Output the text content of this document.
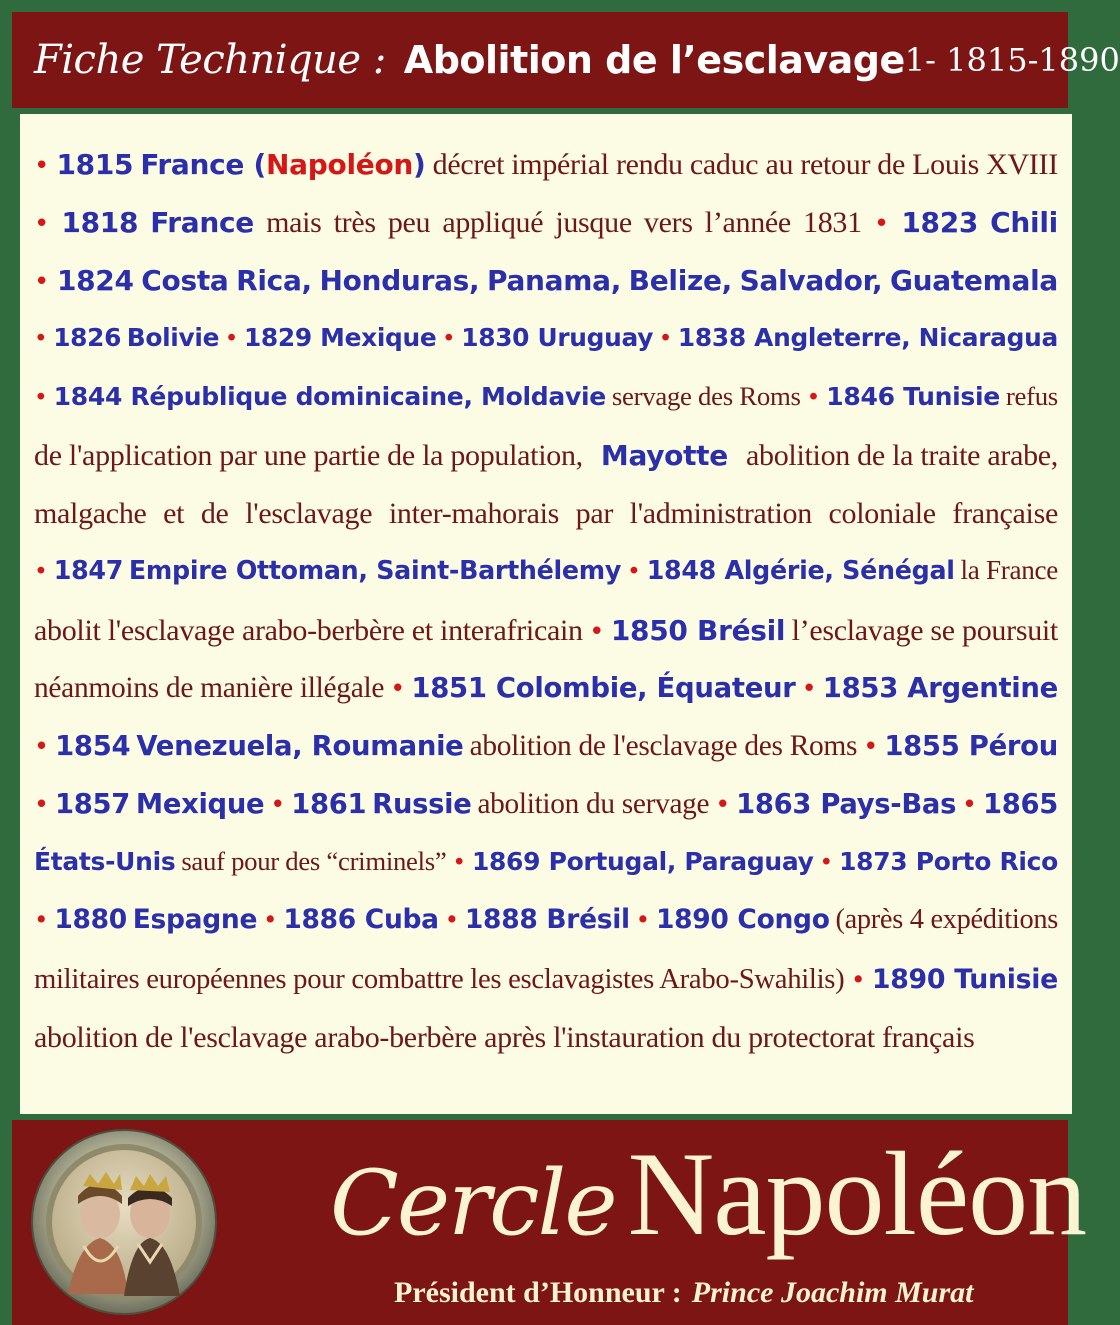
Fiche Technique : Abolition de l’esclavage 1- 1815-1890
• 1815 France (Napoléon) décret impérial rendu caduc au retour de Louis XVIII
• 1818 France mais très peu appliqué jusque vers l’année 1831 • 1823 Chili
• 1824 Costa Rica, Honduras, Panama, Belize, Salvador, Guatemala
• 1826 Bolivie • 1829 Mexique • 1830 Uruguay • 1838 Angleterre, Nicaragua
• 1844 République dominicaine, Moldavie servage des Roms • 1846 Tunisie refus
de l'application par une partie de la population, Mayotte abolition de la traite arabe,
malgache et de l'esclavage inter-mahorais par l'administration coloniale française
• 1847 Empire Ottoman, Saint-Barthélemy • 1848 Algérie, Sénégal la France
abolit l'esclavage arabo-berbère et interafricain • 1850 Brésil l’esclavage se poursuit
néanmoins de manière illégale • 1851 Colombie, Équateur • 1853 Argentine
• 1854 Venezuela, Roumanie abolition de l'esclavage des Roms • 1855 Pérou
• 1857 Mexique • 1861 Russie abolition du servage • 1863 Pays-Bas • 1865
États-Unis sauf pour des “criminels” • 1869 Portugal, Paraguay • 1873 Porto Rico
• 1880 Espagne • 1886 Cuba • 1888 Brésil • 1890 Congo (après 4 expéditions
militaires européennes pour combattre les esclavagistes Arabo-Swahilis) • 1890 Tunisie
abolition de l'esclavage arabo-berbère après l'instauration du protectorat français
Cercle Napoléon
Président d’Honneur : Prince Joachim Murat
